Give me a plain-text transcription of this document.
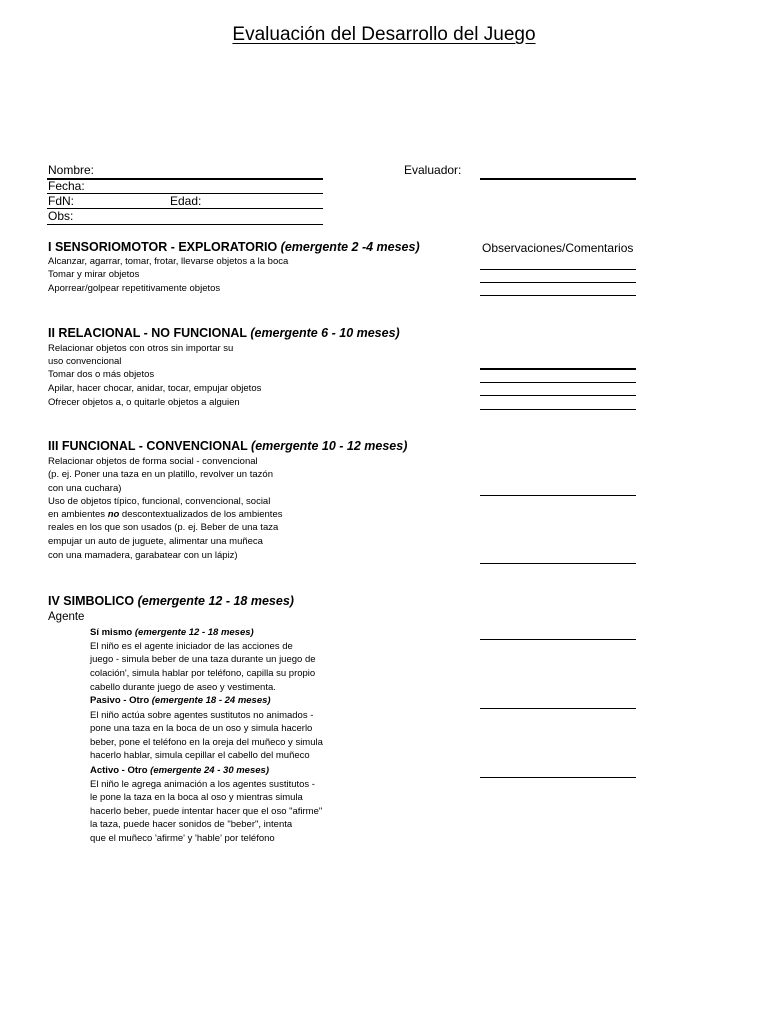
Evaluación del Desarrollo del Juego
Nombre:
Fecha:
FdN:	Edad:
Obs:
Evaluador:
Observaciones/Comentarios
I SENSORIOMOTOR - EXPLORATORIO (emergente 2 -4 meses)
Alcanzar, agarrar, tomar, frotar, llevarse objetos a la boca
Tomar y mirar objetos
Aporrear/golpear repetitivamente objetos
II RELACIONAL - NO FUNCIONAL (emergente 6 - 10 meses)
Relacionar objetos con otros sin importar su
uso convencional
Tomar dos o más objetos
Apilar, hacer chocar, anidar, tocar, empujar objetos
Ofrecer objetos a, o quitarle objetos a alguien
III FUNCIONAL - CONVENCIONAL (emergente 10 - 12 meses)
Relacionar objetos de forma social - convencional
(p. ej. Poner una taza en un platillo, revolver un tazón
con una cuchara)
Uso de objetos típico, funcional, convencional, social
en ambientes no descontextualizados de los ambientes
reales en los que son usados (p. ej. Beber de una taza
empujar un auto de juguete, alimentar una muñeca
con una mamadera, garabatear con un lápiz)
IV SIMBOLICO (emergente 12 - 18 meses)
Agente
Sí mismo (emergente 12 - 18 meses)
El niño es el agente iniciador de las acciones de
juego - simula beber de una taza durante un juego de
colación', simula hablar por teléfono, capilla su propio
cabello durante juego de aseo y vestimenta.
Pasivo - Otro (emergente 18 - 24 meses)
El niño actúa sobre agentes sustitutos no animados -
pone una taza en la boca de un oso y simula hacerlo
beber, pone el teléfono en la oreja del muñeco y simula
hacerlo hablar, simula cepillar el cabello del muñeco
Activo - Otro (emergente 24 - 30 meses)
El niño le agrega animación a los agentes sustitutos -
le pone la taza en la boca al oso y mientras simula
hacerlo beber, puede intentar hacer que el oso "afirme"
la taza, puede hacer sonidos de "beber", intenta
que el muñeco 'afirme' y 'hable' por teléfono
